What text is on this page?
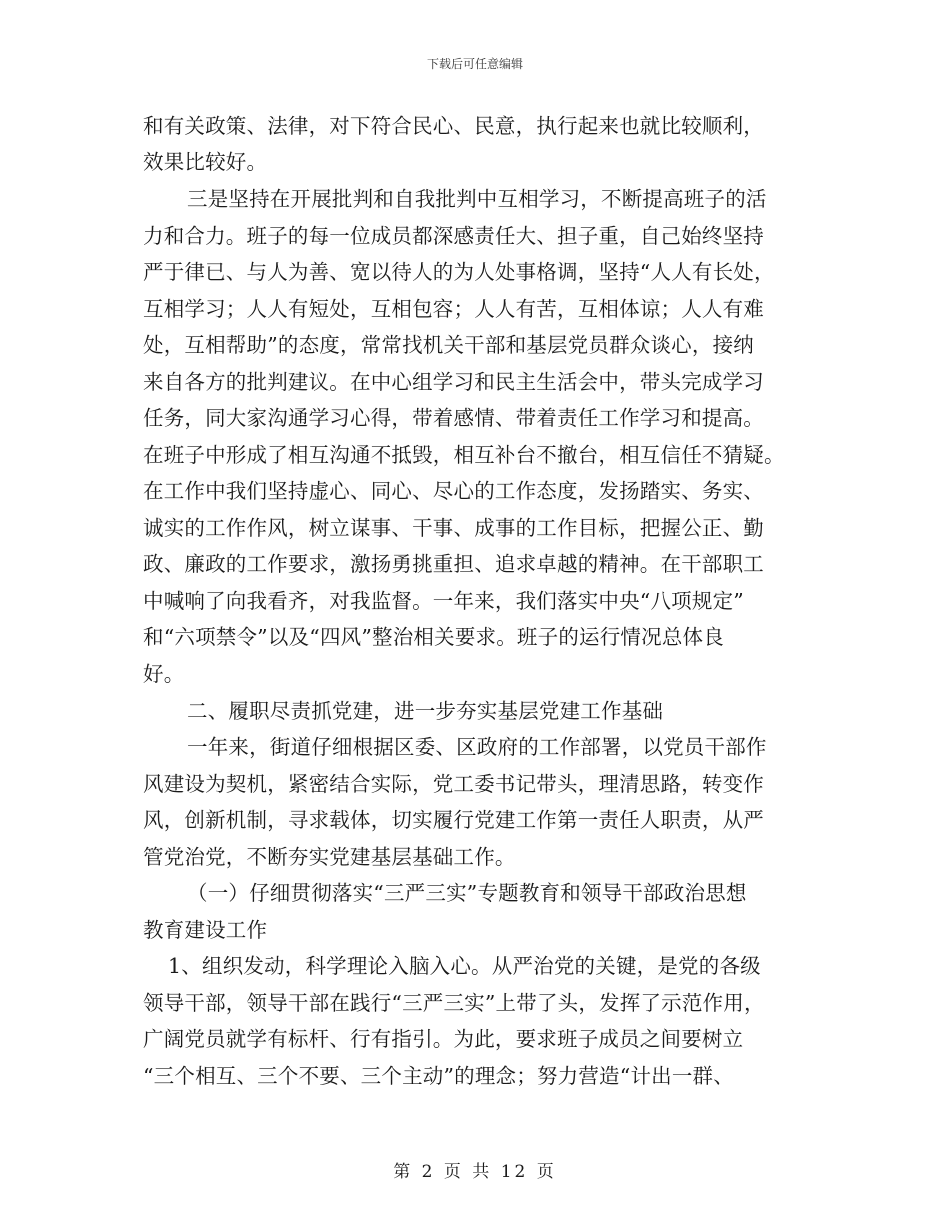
下载后可任意编辑
和有关政策、法律，对下符合民心、民意，执行起来也就比较顺利，
效果比较好。
三是坚持在开展批判和自我批判中互相学习，不断提高班子的活
力和合力。班子的每一位成员都深感责任大、担子重，自己始终坚持
严于律已、与人为善、宽以待人的为人处事格调，坚持“人人有长处，
互相学习；人人有短处，互相包容；人人有苦，互相体谅；人人有难
处，互相帮助”的态度，常常找机关干部和基层党员群众谈心，接纳
来自各方的批判建议。在中心组学习和民主生活会中，带头完成学习
任务，同大家沟通学习心得，带着感情、带着责任工作学习和提高。
在班子中形成了相互沟通不抵毁，相互补台不撤台，相互信任不猜疑。
在工作中我们坚持虚心、同心、尽心的工作态度，发扬踏实、务实、
诚实的工作作风，树立谋事、干事、成事的工作目标，把握公正、勤
政、廉政的工作要求，激扬勇挑重担、追求卓越的精神。在干部职工
中喊响了向我看齐，对我监督。一年来，我们落实中央“八项规定”
和“六项禁令”以及“四风”整治相关要求。班子的运行情况总体良
好。
二、履职尽责抓党建，进一步夯实基层党建工作基础
一年来，街道仔细根据区委、区政府的工作部署，以党员干部作
风建设为契机，紧密结合实际，党工委书记带头，理清思路，转变作
风，创新机制，寻求载体，切实履行党建工作第一责任人职责，从严
管党治党，不断夯实党建基层基础工作。
（一）仔细贯彻落实“三严三实”专题教育和领导干部政治思想
教育建设工作
1、组织发动，科学理论入脑入心。从严治党的关键，是党的各级
领导干部，领导干部在践行“三严三实”上带了头，发挥了示范作用，
广阔党员就学有标杆、行有指引。为此，要求班子成员之间要树立
“三个相互、三个不要、三个主动”的理念；努力营造“计出一群、
第 2 页 共 12 页
